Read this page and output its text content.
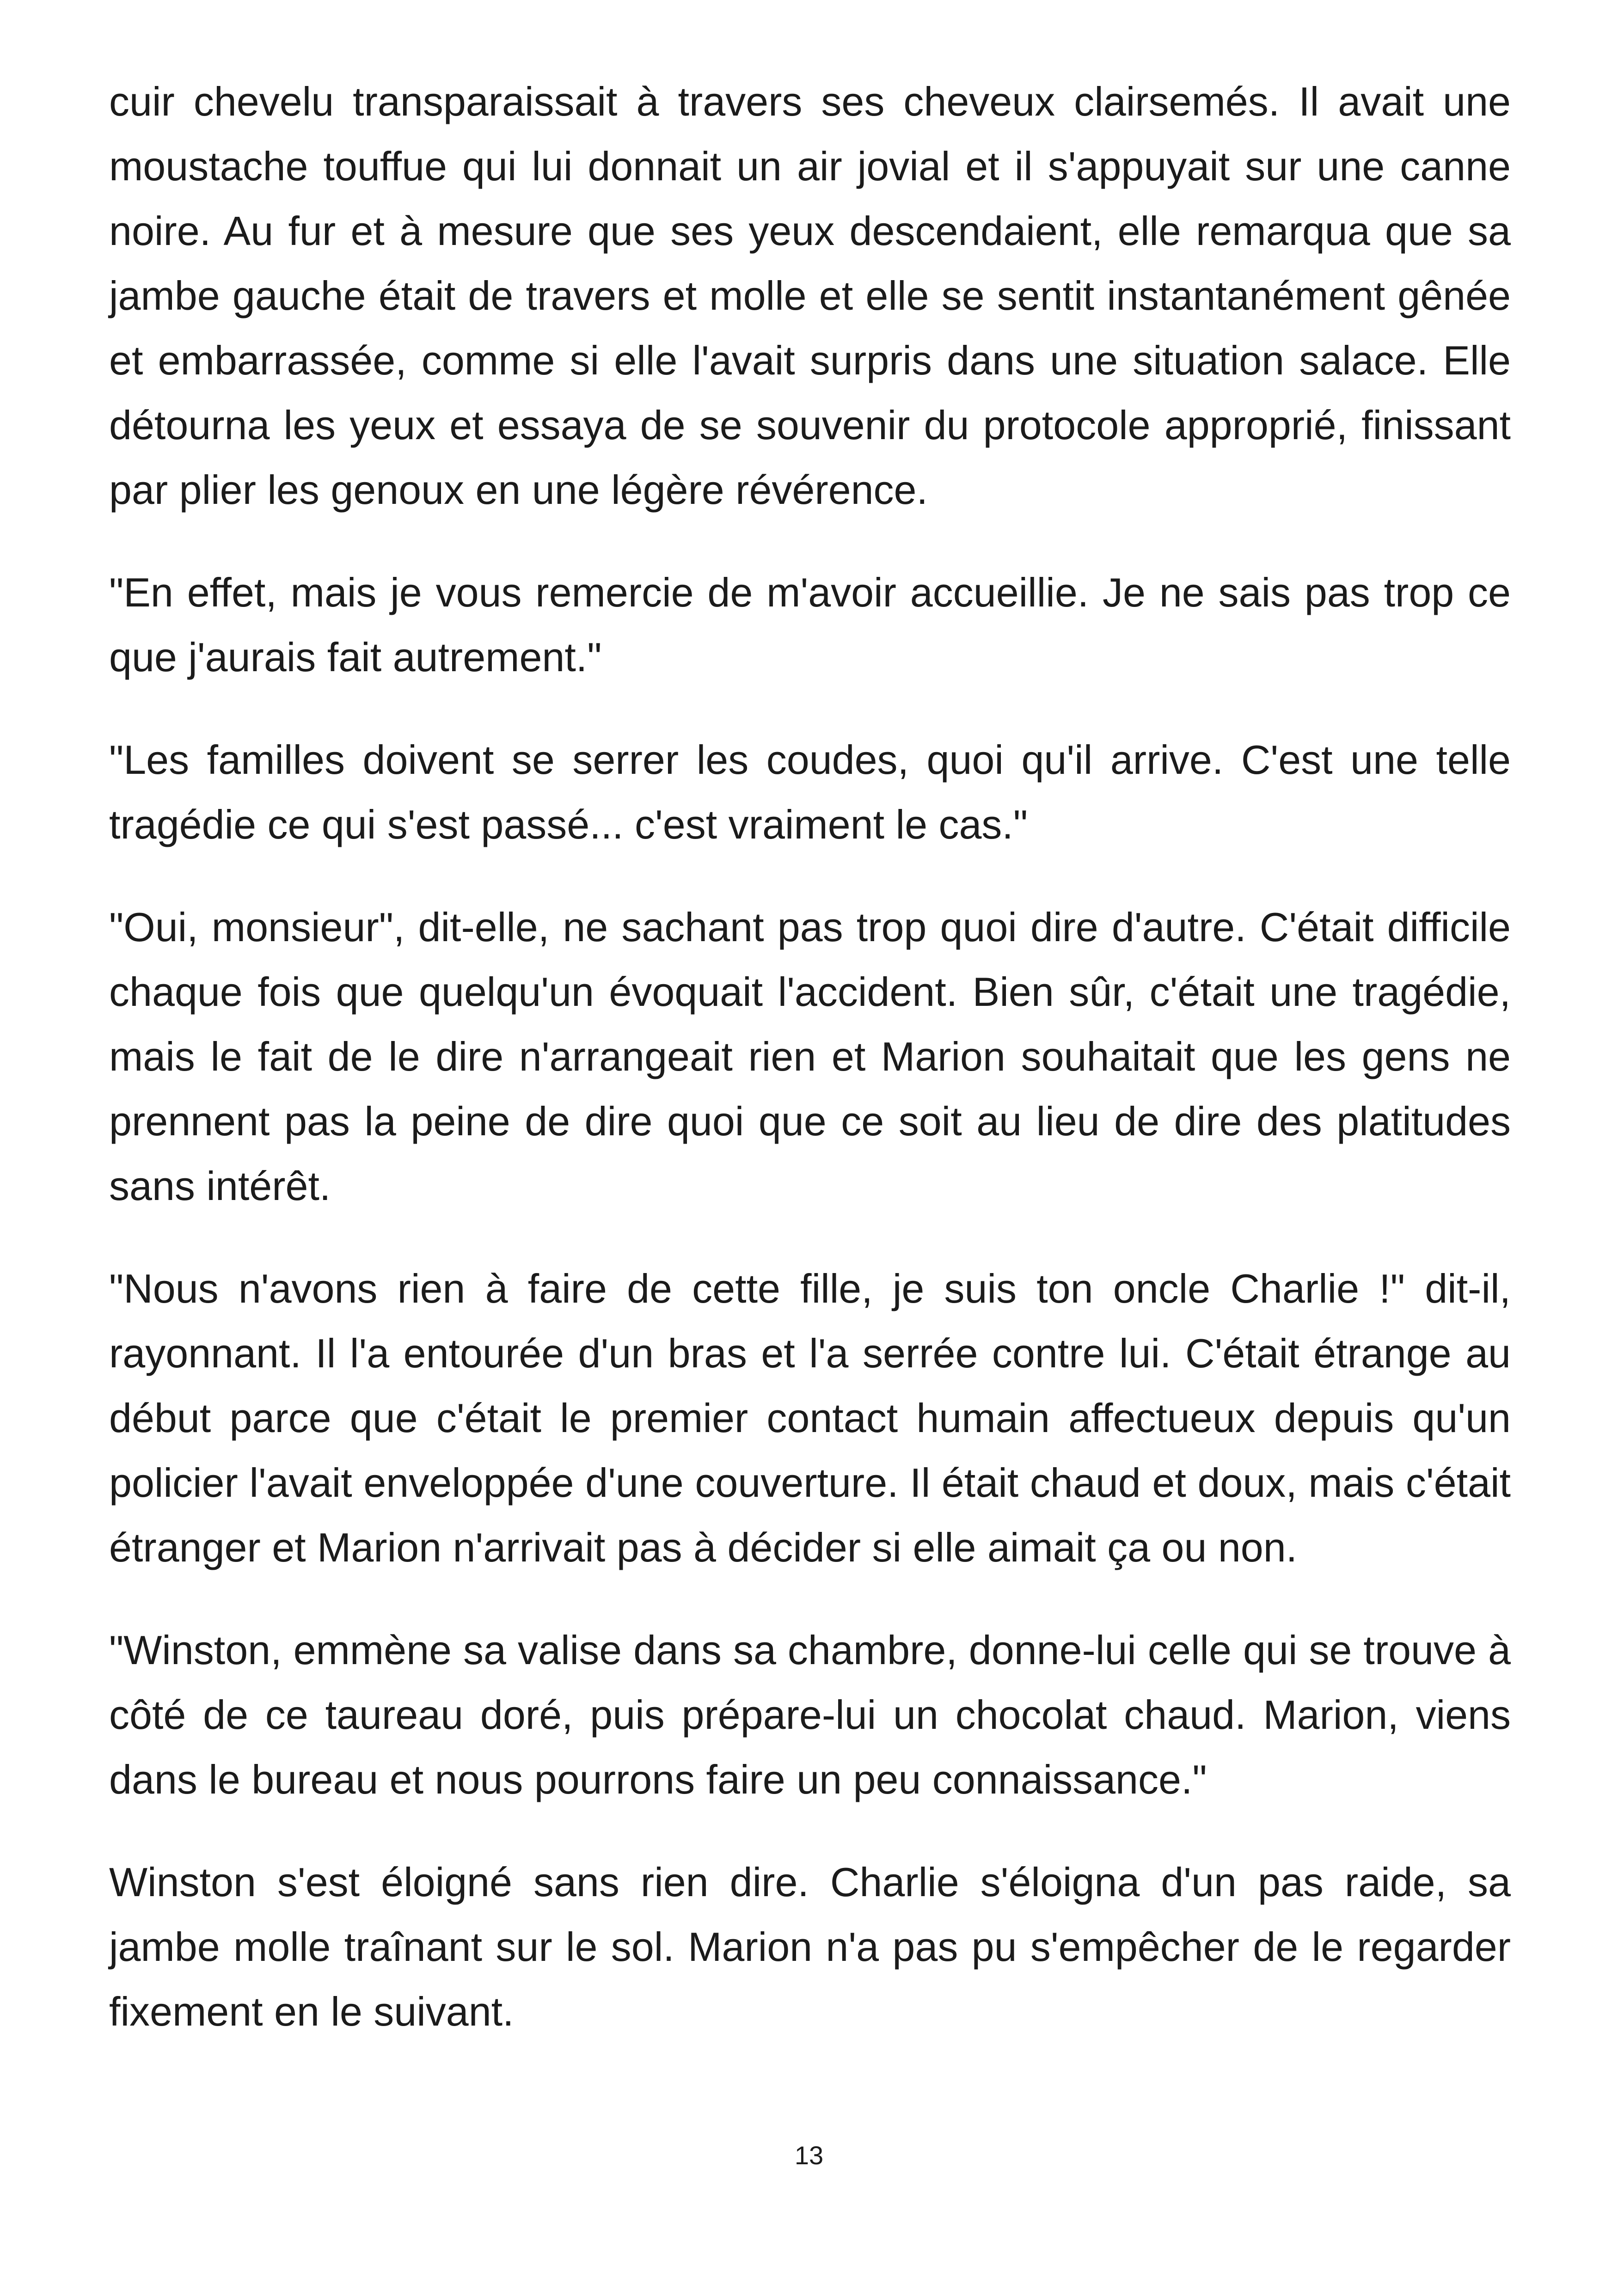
cuir chevelu transparaissait à travers ses cheveux clairsemés. Il avait une moustache touffue qui lui donnait un air jovial et il s'appuyait sur une canne noire. Au fur et à mesure que ses yeux descendaient, elle remarqua que sa jambe gauche était de travers et molle et elle se sentit instantanément gênée et embarrassée, comme si elle l'avait surpris dans une situation salace. Elle détourna les yeux et essaya de se souvenir du protocole approprié, finissant par plier les genoux en une légère révérence.

"En effet, mais je vous remercie de m'avoir accueillie. Je ne sais pas trop ce que j'aurais fait autrement."

"Les familles doivent se serrer les coudes, quoi qu'il arrive. C'est une telle tragédie ce qui s'est passé... c'est vraiment le cas."

"Oui, monsieur", dit-elle, ne sachant pas trop quoi dire d'autre. C'était difficile chaque fois que quelqu'un évoquait l'accident. Bien sûr, c'était une tragédie, mais le fait de le dire n'arrangeait rien et Marion souhaitait que les gens ne prennent pas la peine de dire quoi que ce soit au lieu de dire des platitudes sans intérêt.

"Nous n'avons rien à faire de cette fille, je suis ton oncle Charlie !" dit-il, rayonnant. Il l'a entourée d'un bras et l'a serrée contre lui. C'était étrange au début parce que c'était le premier contact humain affectueux depuis qu'un policier l'avait enveloppée d'une couverture. Il était chaud et doux, mais c'était étranger et Marion n'arrivait pas à décider si elle aimait ça ou non.

"Winston, emmène sa valise dans sa chambre, donne-lui celle qui se trouve à côté de ce taureau doré, puis prépare-lui un chocolat chaud. Marion, viens dans le bureau et nous pourrons faire un peu connaissance."

Winston s'est éloigné sans rien dire. Charlie s'éloigna d'un pas raide, sa jambe molle traînant sur le sol. Marion n'a pas pu s'empêcher de le regarder fixement en le suivant.

13
